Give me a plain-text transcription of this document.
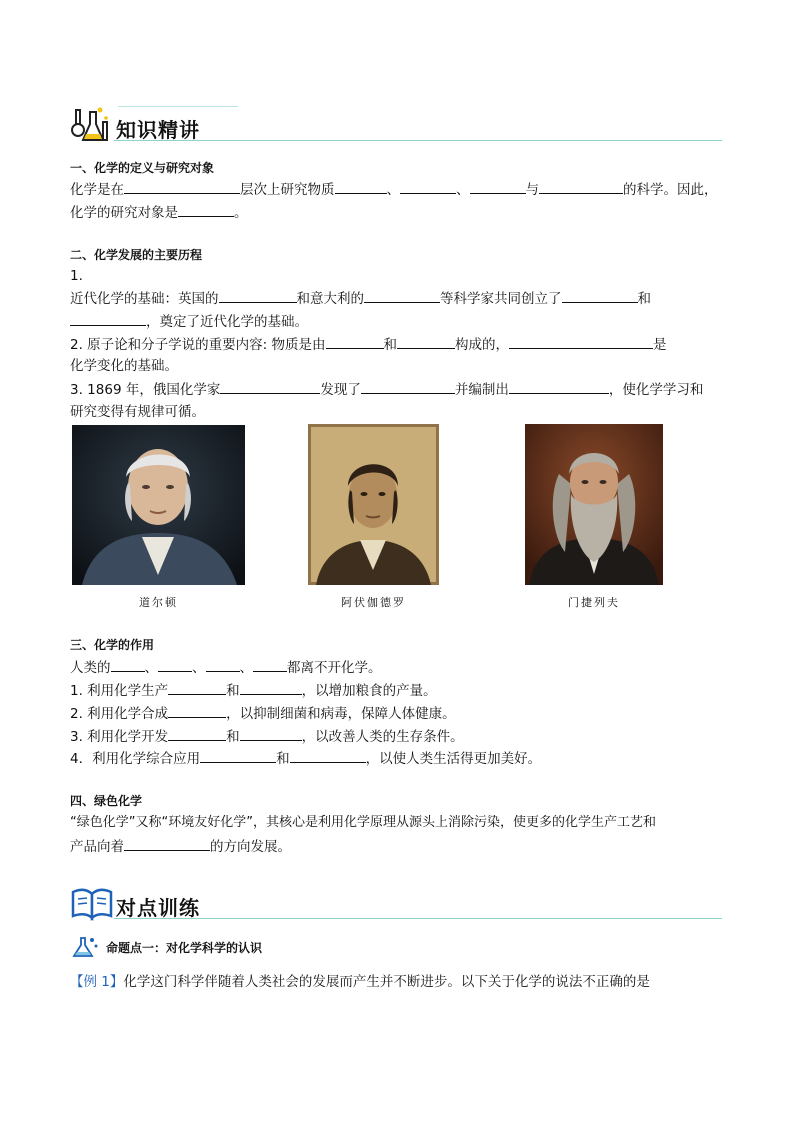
知识精讲
一、化学的定义与研究对象
化学是在	层次上研究物质	、	、	与	的科学。因此，
化学的研究对象是	。
二、化学发展的主要历程
1.
近代化学的基础：英国的	和意大利的	等科学家共同创立了	和
，奠定了近代化学的基础。
2. 原子论和分子学说的重要内容: 物质是由	和	构成的，	是
化学变化的基础。
3. 1869 年，俄国化学家	发现了	并编制出	，使化学学习和
研究变得有规律可循。
道尔顿	阿伏伽德罗	门捷列夫
三、化学的作用
人类的	、	、	、	都离不开化学。
1. 利用化学生产	和	，以增加粮食的产量。
2. 利用化学合成	，以抑制细菌和病毒，保障人体健康。
3. 利用化学开发	和	，以改善人类的生存条件。
4．利用化学综合应用	和	，以使人类生活得更加美好。
四、绿色化学
“绿色化学”又称“环境友好化学”，其核心是利用化学原理从源头上消除污染，使更多的化学生产工艺和
产品向着	的方向发展。
对点训练
命题点一：对化学科学的认识
【例 1】化学这门科学伴随着人类社会的发展而产生并不断进步。以下关于化学的说法不正确的是
